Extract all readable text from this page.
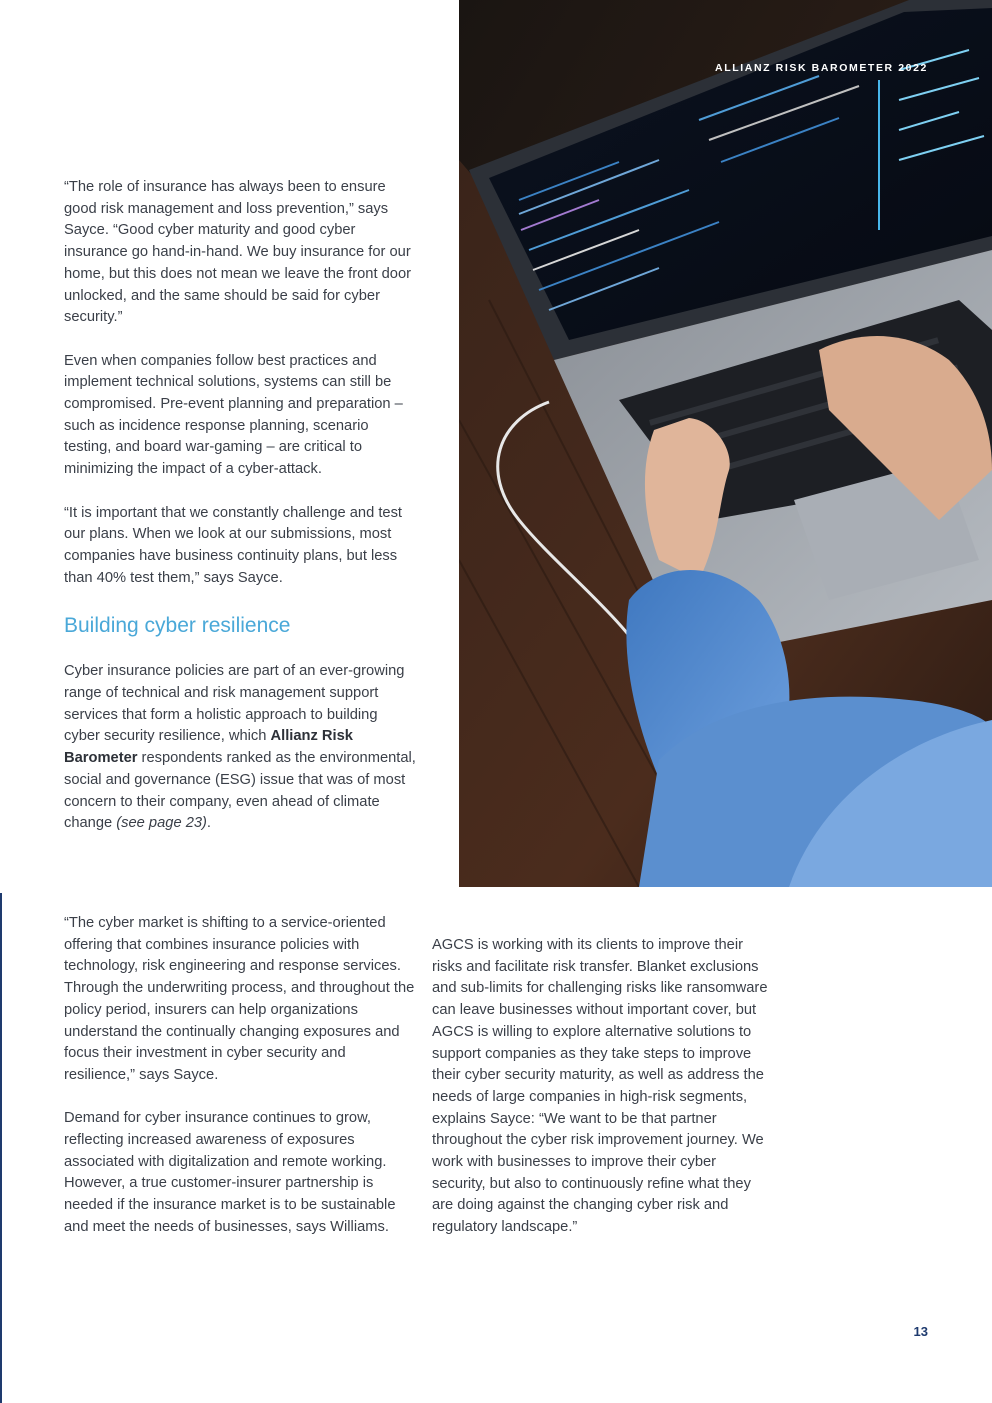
ALLIANZ RISK BAROMETER 2022

“The role of insurance has always been to ensure good risk management and loss prevention,” says Sayce. “Good cyber maturity and good cyber insurance go hand-in-hand. We buy insurance for our home, but this does not mean we leave the front door unlocked, and the same should be said for cyber security.”

Even when companies follow best practices and implement technical solutions, systems can still be compromised. Pre-event planning and preparation – such as incidence response planning, scenario testing, and board war-gaming – are critical to minimizing the impact of a cyber-attack.

“It is important that we constantly challenge and test our plans. When we look at our submissions, most companies have business continuity plans, but less than 40% test them,” says Sayce.

Building cyber resilience

Cyber insurance policies are part of an ever-growing range of technical and risk management support services that form a holistic approach to building cyber security resilience, which Allianz Risk Barometer respondents ranked as the environmental, social and governance (ESG) issue that was of most concern to their company, even ahead of climate change (see page 23).

“The cyber market is shifting to a service-oriented offering that combines insurance policies with technology, risk engineering and response services. Through the underwriting process, and throughout the policy period, insurers can help organizations understand the continually changing exposures and focus their investment in cyber security and resilience,” says Sayce.

Demand for cyber insurance continues to grow, reflecting increased awareness of exposures associated with digitalization and remote working. However, a true customer-insurer partnership is needed if the insurance market is to be sustainable and meet the needs of businesses, says Williams.

AGCS is working with its clients to improve their risks and facilitate risk transfer. Blanket exclusions and sub-limits for challenging risks like ransomware can leave businesses without important cover, but AGCS is willing to explore alternative solutions to support companies as they take steps to improve their cyber security maturity, as well as address the needs of large companies in high-risk segments, explains Sayce: “We want to be that partner throughout the cyber risk improvement journey. We work with businesses to improve their cyber security, but also to continuously refine what they are doing against the changing cyber risk and regulatory landscape.”

13
